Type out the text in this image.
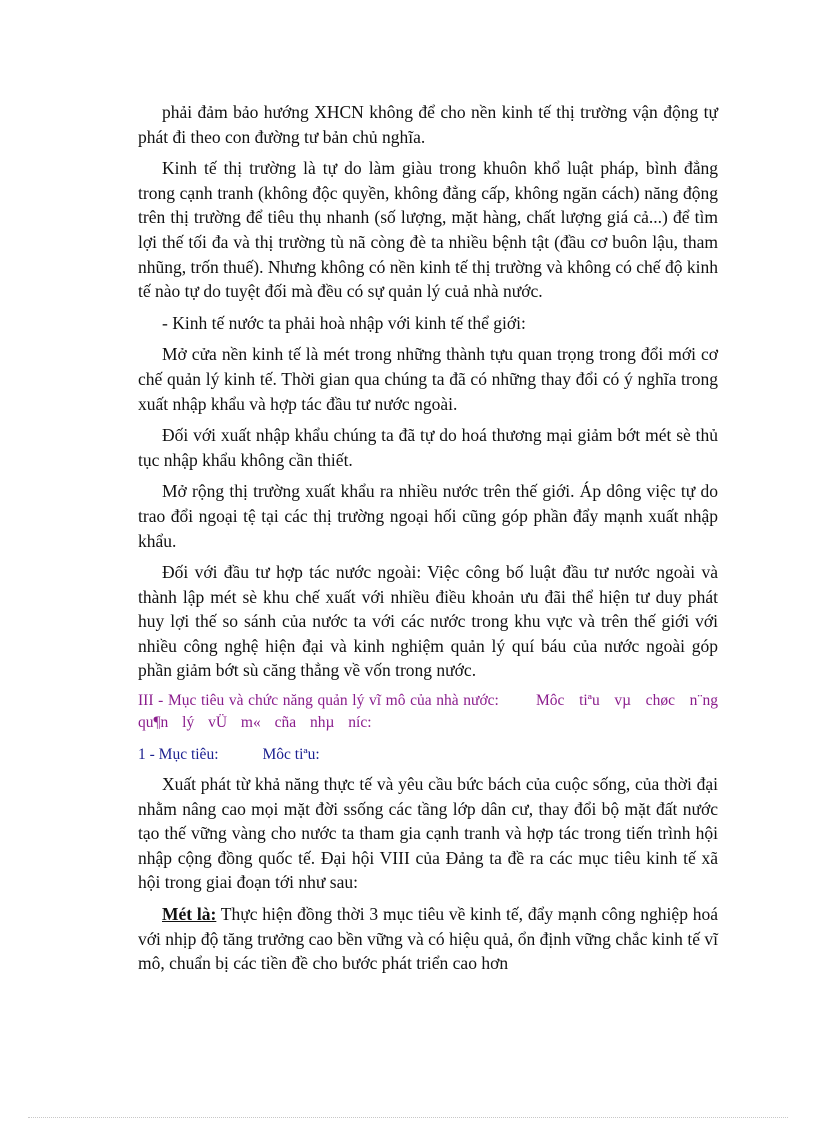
phải đảm bảo hướng XHCN không để cho nền kinh tế thị trường vận động tự phát đi theo con đường tư bản chủ nghĩa.

Kinh tế thị trường là tự do làm giàu trong khuôn khổ luật pháp, bình đẳng trong cạnh tranh (không độc quyền, không đẳng cấp, không ngăn cách) năng động trên thị trường để tiêu thụ nhanh (số lượng, mặt hàng, chất lượng giá cả...) để tìm lợi thế tối đa và thị trường tù nã còng đè ta nhiều bệnh tật (đầu cơ buôn lậu, tham nhũng, trốn thuế). Nhưng không có nền kinh tế thị trường và không có chế độ kinh tế nào tự do tuyệt đối mà đều có sự quản lý cuả nhà nước.

- Kinh tế nước ta phải hoà nhập với kinh tế thể giới:

Mở cửa nền kinh tế là mét trong những thành tựu quan trọng trong đổi mới cơ chế quản lý kinh tế. Thời gian qua chúng ta đã có những thay đổi có ý nghĩa trong xuất nhập khẩu và hợp tác đầu tư nước ngoài.

Đối với xuất nhập khẩu chúng ta đã tự do hoá thương mại giảm bớt mét sè thủ tục nhập khẩu không cần thiết.

Mở rộng thị trường xuất khẩu ra nhiều nước trên thế giới. Áp dông việc tự do trao đổi ngoại tệ tại các thị trường ngoại hối cũng góp phần đẩy mạnh xuất nhập khẩu.

Đối với đầu tư hợp tác nước ngoài: Việc công bố luật đầu tư nước ngoài và thành lập mét sè khu chế xuất với nhiều điều khoản ưu đãi thể hiện tư duy phát huy lợi thế so sánh của nước ta với các nước trong khu vực và trên thế giới với nhiều công nghệ hiện đại và kinh nghiệm quản lý quí báu của nước ngoài góp phần giảm bớt sù căng thẳng về vốn trong nước.

III - Mục tiêu và chức năng quản lý vĩ mô của nhà nước: Môc tiªu vµ chøc n¨ng qu¶n lý vÜ m« cña nhµ níc:
1 - Mục tiêu:	Môc tiªu:

Xuất phát từ khả năng thực tế và yêu cầu bức bách của cuộc sống, của thời đại nhằm nâng cao mọi mặt đời ssống các tầng lớp dân cư, thay đổi bộ mặt đất nước tạo thế vững vàng cho nước ta tham gia cạnh tranh và hợp tác trong tiến trình hội nhập cộng đồng quốc tế. Đại hội VIII của Đảng ta đề ra các mục tiêu kinh tế xã hội trong giai đoạn tới như sau:

Mét là: Thực hiện đồng thời 3 mục tiêu về kinh tế, đẩy mạnh công nghiệp hoá với nhịp độ tăng trưởng cao bền vững và có hiệu quả, ổn định vững chắc kinh tế vĩ mô, chuẩn bị các tiền đề cho bước phát triển cao hơn
